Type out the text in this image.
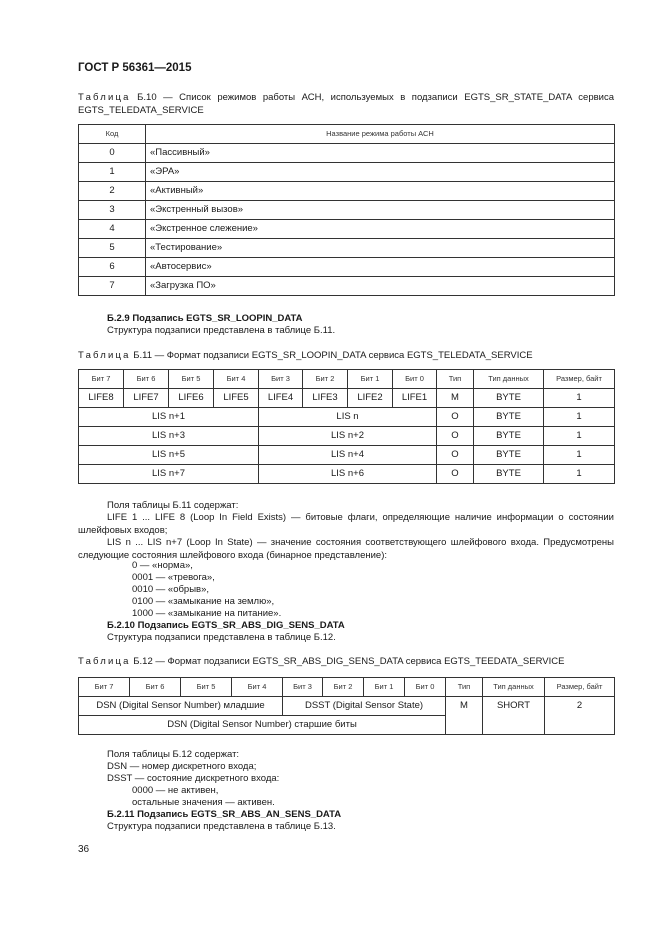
ГОСТ Р 56361—2015
Таблица Б.10 — Список режимов работы АСН, используемых в подзаписи EGTS_SR_STATE_DATA сервиса EGTS_TELEDATA_SERVICE
Код	Название режима работы АСН
0	«Пассивный»
1	«ЭРА»
2	«Активный»
3	«Экстренный вызов»
4	«Экстренное слежение»
5	«Тестирование»
6	«Автосервис»
7	«Загрузка ПО»
Б.2.9 Подзапись EGTS_SR_LOOPIN_DATA
Структура подзаписи представлена в таблице Б.11.
Таблица Б.11 — Формат подзаписи EGTS_SR_LOOPIN_DATA сервиса EGTS_TELEDATA_SERVICE
Бит 7	Бит 6	Бит 5	Бит 4	Бит 3	Бит 2	Бит 1	Бит 0	Тип	Тип данных	Размер, байт
LIFE8	LIFE7	LIFE6	LIFE5	LIFE4	LIFE3	LIFE2	LIFE1	M	BYTE	1
LIS n+1				LIS n				O	BYTE	1
LIS n+3				LIS n+2				O	BYTE	1
LIS n+5				LIS n+4				O	BYTE	1
LIS n+7				LIS n+6				O	BYTE	1
Поля таблицы Б.11 содержат:
LIFE 1 ... LIFE 8 (Loop In Field Exists) — битовые флаги, определяющие наличие информации о состоянии шлейфовых входов;
LIS n ... LIS n+7 (Loop In State) — значение состояния соответствующего шлейфового входа. Предусмотрены следующие состояния шлейфового входа (бинарное представление):
0 — «норма»,
0001 — «тревога»,
0010 — «обрыв»,
0100 — «замыкание на землю»,
1000 — «замыкание на питание».
Б.2.10 Подзапись EGTS_SR_ABS_DIG_SENS_DATA
Структура подзаписи представлена в таблице Б.12.
Таблица Б.12 — Формат подзаписи EGTS_SR_ABS_DIG_SENS_DATA сервиса EGTS_TEEDATA_SERVICE
Бит 7	Бит 6	Бит 5	Бит 4	Бит 3	Бит 2	Бит 1	Бит 0	Тип	Тип данных	Размер, байт
DSN (Digital Sensor Number) младшие				DSST (Digital Sensor State)				M	SHORT	2
DSN (Digital Sensor Number) старшие биты										
Поля таблицы Б.12 содержат:
DSN — номер дискретного входа;
DSST — состояние дискретного входа:
0000 — не активен,
остальные значения — активен.
Б.2.11 Подзапись EGTS_SR_ABS_AN_SENS_DATA
Структура подзаписи представлена в таблице Б.13.
36
